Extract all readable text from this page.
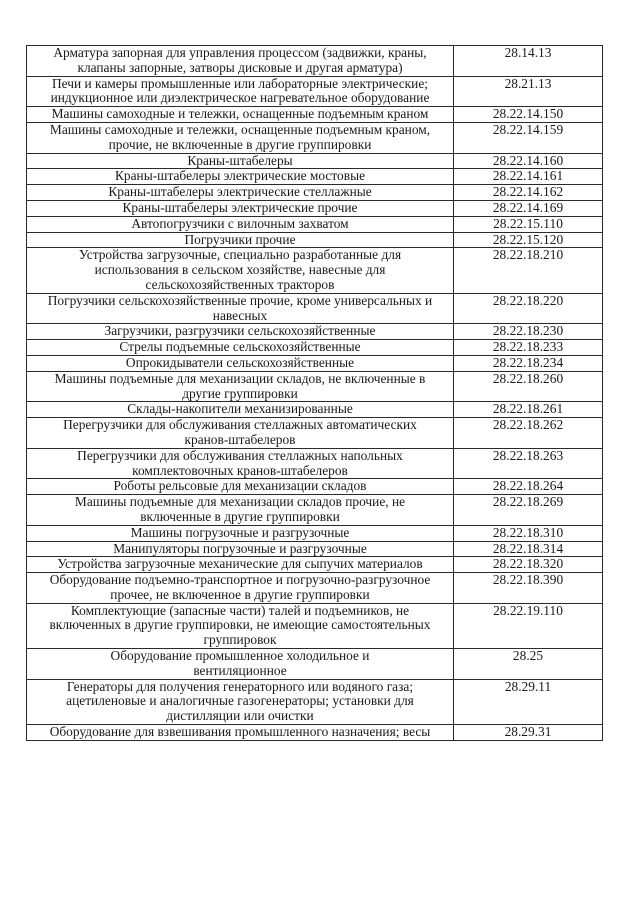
Арматура запорная для управления процессом (задвижки, краны,
клапаны запорные, затворы дисковые и другая арматура)	28.14.13

Печи и камеры промышленные или лабораторные электрические;
индукционное или диэлектрическое нагревательное оборудование	28.21.13

Машины самоходные и тележки, оснащенные подъемным краном	28.22.14.150

Машины самоходные и тележки, оснащенные подъемным краном,
прочие, не включенные в другие группировки	28.22.14.159

Краны-штабелеры	28.22.14.160

Краны-штабелеры электрические мостовые	28.22.14.161

Краны-штабелеры электрические стеллажные	28.22.14.162

Краны-штабелеры электрические прочие	28.22.14.169

Автопогрузчики с вилочным захватом	28.22.15.110

Погрузчики прочие	28.22.15.120

Устройства загрузочные, специально разработанные для
использования в сельском хозяйстве, навесные для
сельскохозяйственных тракторов	28.22.18.210

Погрузчики сельскохозяйственные прочие, кроме универсальных и
навесных	28.22.18.220

Загрузчики, разгрузчики сельскохозяйственные	28.22.18.230

Стрелы подъемные сельскохозяйственные	28.22.18.233

Опрокидыватели сельскохозяйственные	28.22.18.234

Машины подъемные для механизации складов, не включенные в
другие группировки	28.22.18.260

Склады-накопители механизированные	28.22.18.261

Перегрузчики для обслуживания стеллажных автоматических
кранов-штабелеров	28.22.18.262

Перегрузчики для обслуживания стеллажных напольных
комплектовочных кранов-штабелеров	28.22.18.263

Роботы рельсовые для механизации складов	28.22.18.264

Машины подъемные для механизации складов прочие, не
включенные в другие группировки	28.22.18.269

Машины погрузочные и разгрузочные	28.22.18.310

Манипуляторы погрузочные и разгрузочные	28.22.18.314

Устройства загрузочные механические для сыпучих материалов	28.22.18.320

Оборудование подъемно-транспортное и погрузочно-разгрузочное
прочее, не включенное в другие группировки	28.22.18.390

Комплектующие (запасные части) талей и подъемников, не
включенных в другие группировки, не имеющие самостоятельных
группировок	28.22.19.110

Оборудование промышленное холодильное и
вентиляционное	28.25

Генераторы для получения генераторного или водяного газа;
ацетиленовые и аналогичные газогенераторы; установки для
дистилляции или очистки	28.29.11

Оборудование для взвешивания промышленного назначения; весы	28.29.31
